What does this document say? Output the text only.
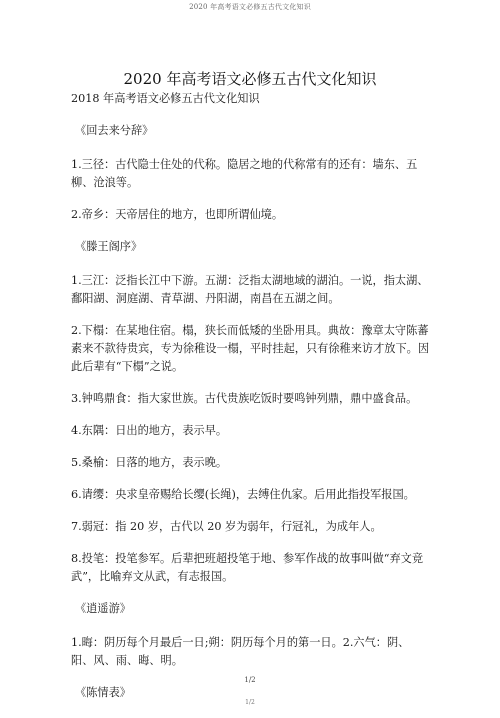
2020 年高考语文必修五古代文化知识
2020 年高考语文必修五古代文化知识

2018 年高考语文必修五古代文化知识

《回去来兮辞》

1.三径：古代隐士住处的代称。隐居之地的代称常有的还有：墙东、五柳、沧浪等。

2.帝乡：天帝居住的地方，也即所谓仙境。

《滕王阁序》

1.三江：泛指长江中下游。五湖：泛指太湖地域的湖泊。一说，指太湖、鄱阳湖、洞庭湖、青草湖、丹阳湖，南昌在五湖之间。

2.下榻：在某地住宿。榻，狭长而低矮的坐卧用具。典故：豫章太守陈蕃素来不款待贵宾，专为徐稚设一榻，平时挂起，只有徐稚来访才放下。因此后辈有“下榻”之说。

3.钟鸣鼎食：指大家世族。古代贵族吃饭时要鸣钟列鼎，鼎中盛食品。

4.东隅：日出的地方，表示早。

5.桑榆：日落的地方，表示晚。

6.请缨：央求皇帝赐给长缨(长绳)，去缚住仇家。后用此指投军报国。

7.弱冠：指 20 岁，古代以 20 岁为弱年，行冠礼，为成年人。

8.投笔：投笔参军。后辈把班超投笔于地、参军作战的故事叫做“弃文竞武”，比喻弃文从武，有志报国。

《逍遥游》

1.晦：阴历每个月最后一日;朔：阴历每个月的第一日。2.六气：阴、阳、风、雨、晦、明。

《陈情表》

1/2
1/2
